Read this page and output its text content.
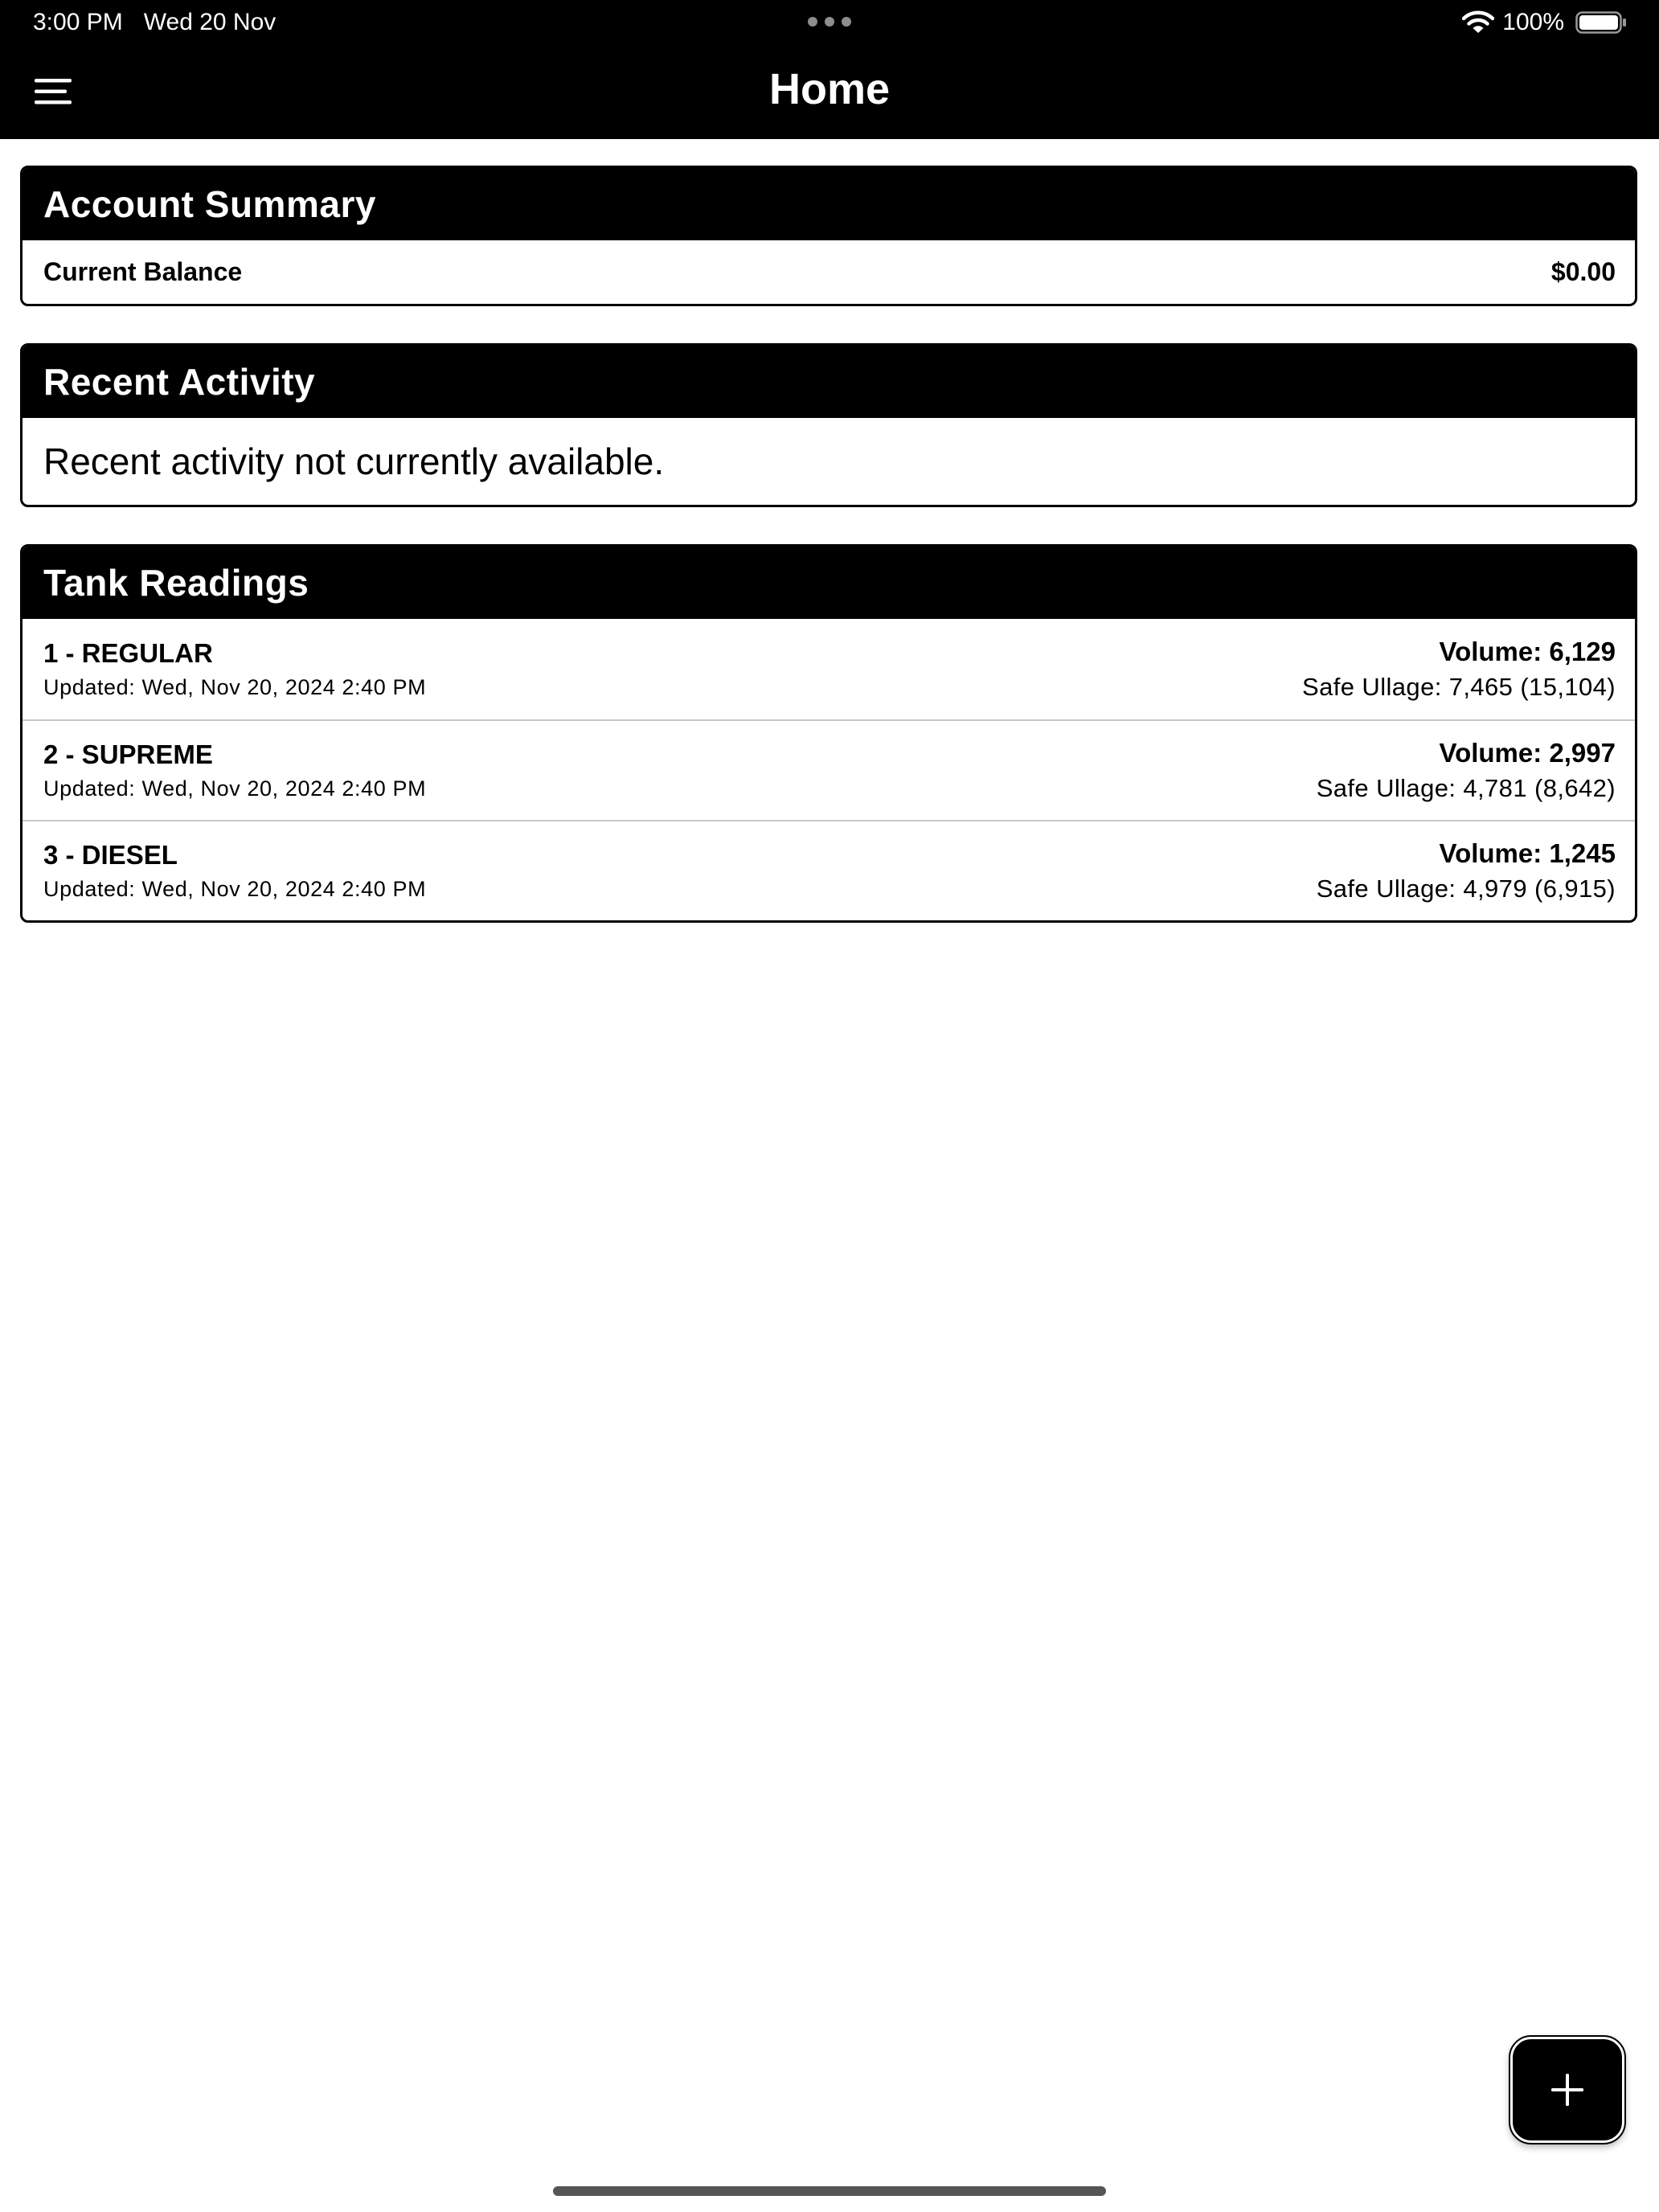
3:00 PM Wed 20 Nov	100%
Home
Account Summary
Current Balance	$0.00
Recent Activity
Recent activity not currently available.
Tank Readings
1 - REGULAR
Updated: Wed, Nov 20, 2024 2:40 PM
Volume: 6,129
Safe Ullage: 7,465 (15,104)
2 - SUPREME
Updated: Wed, Nov 20, 2024 2:40 PM
Volume: 2,997
Safe Ullage: 4,781 (8,642)
3 - DIESEL
Updated: Wed, Nov 20, 2024 2:40 PM
Volume: 1,245
Safe Ullage: 4,979 (6,915)
